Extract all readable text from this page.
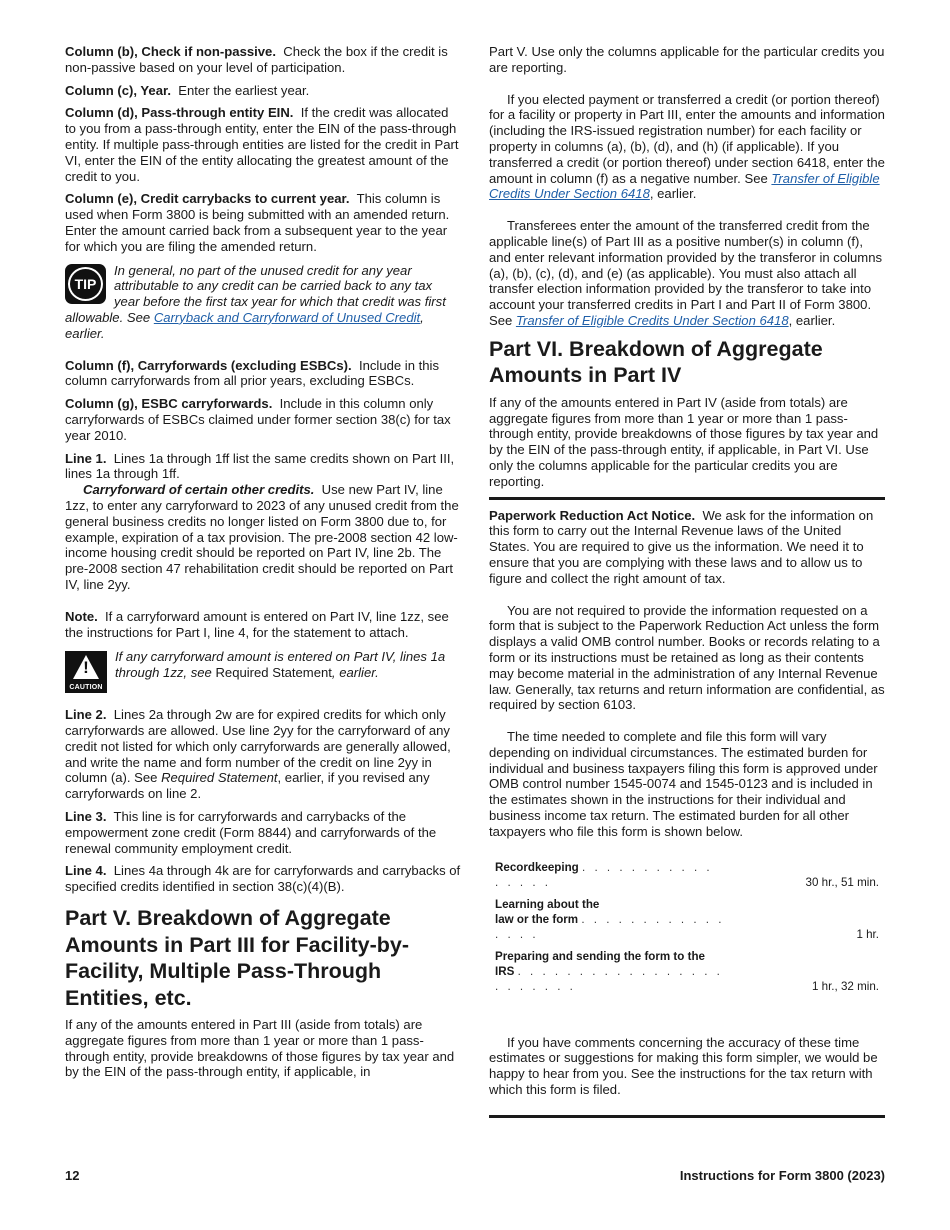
Column (b), Check if non-passive. Check the box if the credit is non-passive based on your level of participation.

Column (c), Year. Enter the earliest year.

Column (d), Pass-through entity EIN. If the credit was allocated to you from a pass-through entity, enter the EIN of the pass-through entity. If multiple pass-through entities are listed for the credit in Part VI, enter the EIN of the entity allocating the greatest amount of the credit to you.

Column (e), Credit carrybacks to current year. This column is used when Form 3800 is being submitted with an amended return. Enter the amount carried back from a subsequent year to the year for which you are filing the amended return.

TIP
In general, no part of the unused credit for any year attributable to any credit can be carried back to any tax year before the first tax year for which that credit was first allowable. See Carryback and Carryforward of Unused Credit, earlier.

Column (f), Carryforwards (excluding ESBCs). Include in this column carryforwards from all prior years, excluding ESBCs.

Column (g), ESBC carryforwards. Include in this column only carryforwards of ESBCs claimed under former section 38(c) for tax year 2010.

Line 1. Lines 1a through 1ff list the same credits shown on Part III, lines 1a through 1ff.

Carryforward of certain other credits. Use new Part IV, line 1zz, to enter any carryforward to 2023 of any unused credit from the general business credits no longer listed on Form 3800 due to, for example, expiration of a tax provision. The pre-2008 section 42 low-income housing credit should be reported on Part IV, line 2b. The pre-2008 section 47 rehabilitation credit should be reported on Part IV, line 2yy.

Note. If a carryforward amount is entered on Part IV, line 1zz, see the instructions for Part I, line 4, for the statement to attach.

!
CAUTION
If any carryforward amount is entered on Part IV, lines 1a through 1zz, see Required Statement, earlier.

Line 2. Lines 2a through 2w are for expired credits for which only carryforwards are allowed. Use line 2yy for the carryforward of any credit not listed for which only carryforwards are generally allowed, and write the name and form number of the credit on line 2yy in column (a). See Required Statement, earlier, if you revised any carryforwards on line 2.

Line 3. This line is for carryforwards and carrybacks of the empowerment zone credit (Form 8844) and carryforwards of the renewal community employment credit.

Line 4. Lines 4a through 4k are for carryforwards and carrybacks of specified credits identified in section 38(c)(4)(B).

Part V. Breakdown of Aggregate Amounts in Part III for Facility-by-Facility, Multiple Pass-Through Entities, etc.

If any of the amounts entered in Part III (aside from totals) are aggregate figures from more than 1 year or more than 1 pass-through entity, provide breakdowns of those figures by tax year and by the EIN of the pass-through entity, if applicable, in

Part V. Use only the columns applicable for the particular credits you are reporting.

If you elected payment or transferred a credit (or portion thereof) for a facility or property in Part III, enter the amounts and information (including the IRS-issued registration number) for each facility or property in columns (a), (b), (d), and (h) (if applicable). If you transferred a credit (or portion thereof) under section 6418, enter the amount in column (f) as a negative number. See Transfer of Eligible Credits Under Section 6418, earlier.

Transferees enter the amount of the transferred credit from the applicable line(s) of Part III as a positive number(s) in column (f), and enter relevant information provided by the transferor in columns (a), (b), (c), (d), and (e) (as applicable). You must also attach all transfer election information provided by the transferor to take into account your transferred credits in Part I and Part II of Form 3800. See Transfer of Eligible Credits Under Section 6418, earlier.

Part VI. Breakdown of Aggregate Amounts in Part IV

If any of the amounts entered in Part IV (aside from totals) are aggregate figures from more than 1 year or more than 1 pass-through entity, provide breakdowns of those figures by tax year and by the EIN of the pass-through entity, if applicable, in Part VI. Use only the columns applicable for the particular credits you are reporting.

Paperwork Reduction Act Notice. We ask for the information on this form to carry out the Internal Revenue laws of the United States. You are required to give us the information. We need it to ensure that you are complying with these laws and to allow us to figure and collect the right amount of tax.

You are not required to provide the information requested on a form that is subject to the Paperwork Reduction Act unless the form displays a valid OMB control number. Books or records relating to a form or its instructions must be retained as long as their contents may become material in the administration of any Internal Revenue law. Generally, tax returns and return information are confidential, as required by section 6103.

The time needed to complete and file this form will vary depending on individual circumstances. The estimated burden for individual and business taxpayers filing this form is approved under OMB control number 1545-0074 and 1545-0123 and is included in the estimates shown in the instructions for their individual and business income tax return. The estimated burden for all other taxpayers who file this form is shown below.

Recordkeeping . . . . . . . . . . . . . . . .	30 hr., 51 min.
Learning about the
law or the form . . . . . . . . . . . . . . . .	1 hr.
Preparing and sending the form to the
IRS . . . . . . . . . . . . . . . . . . . . . . . .	1 hr., 32 min.

If you have comments concerning the accuracy of these time estimates or suggestions for making this form simpler, we would be happy to hear from you. See the instructions for the tax return with which this form is filed.

12	Instructions for Form 3800 (2023)
